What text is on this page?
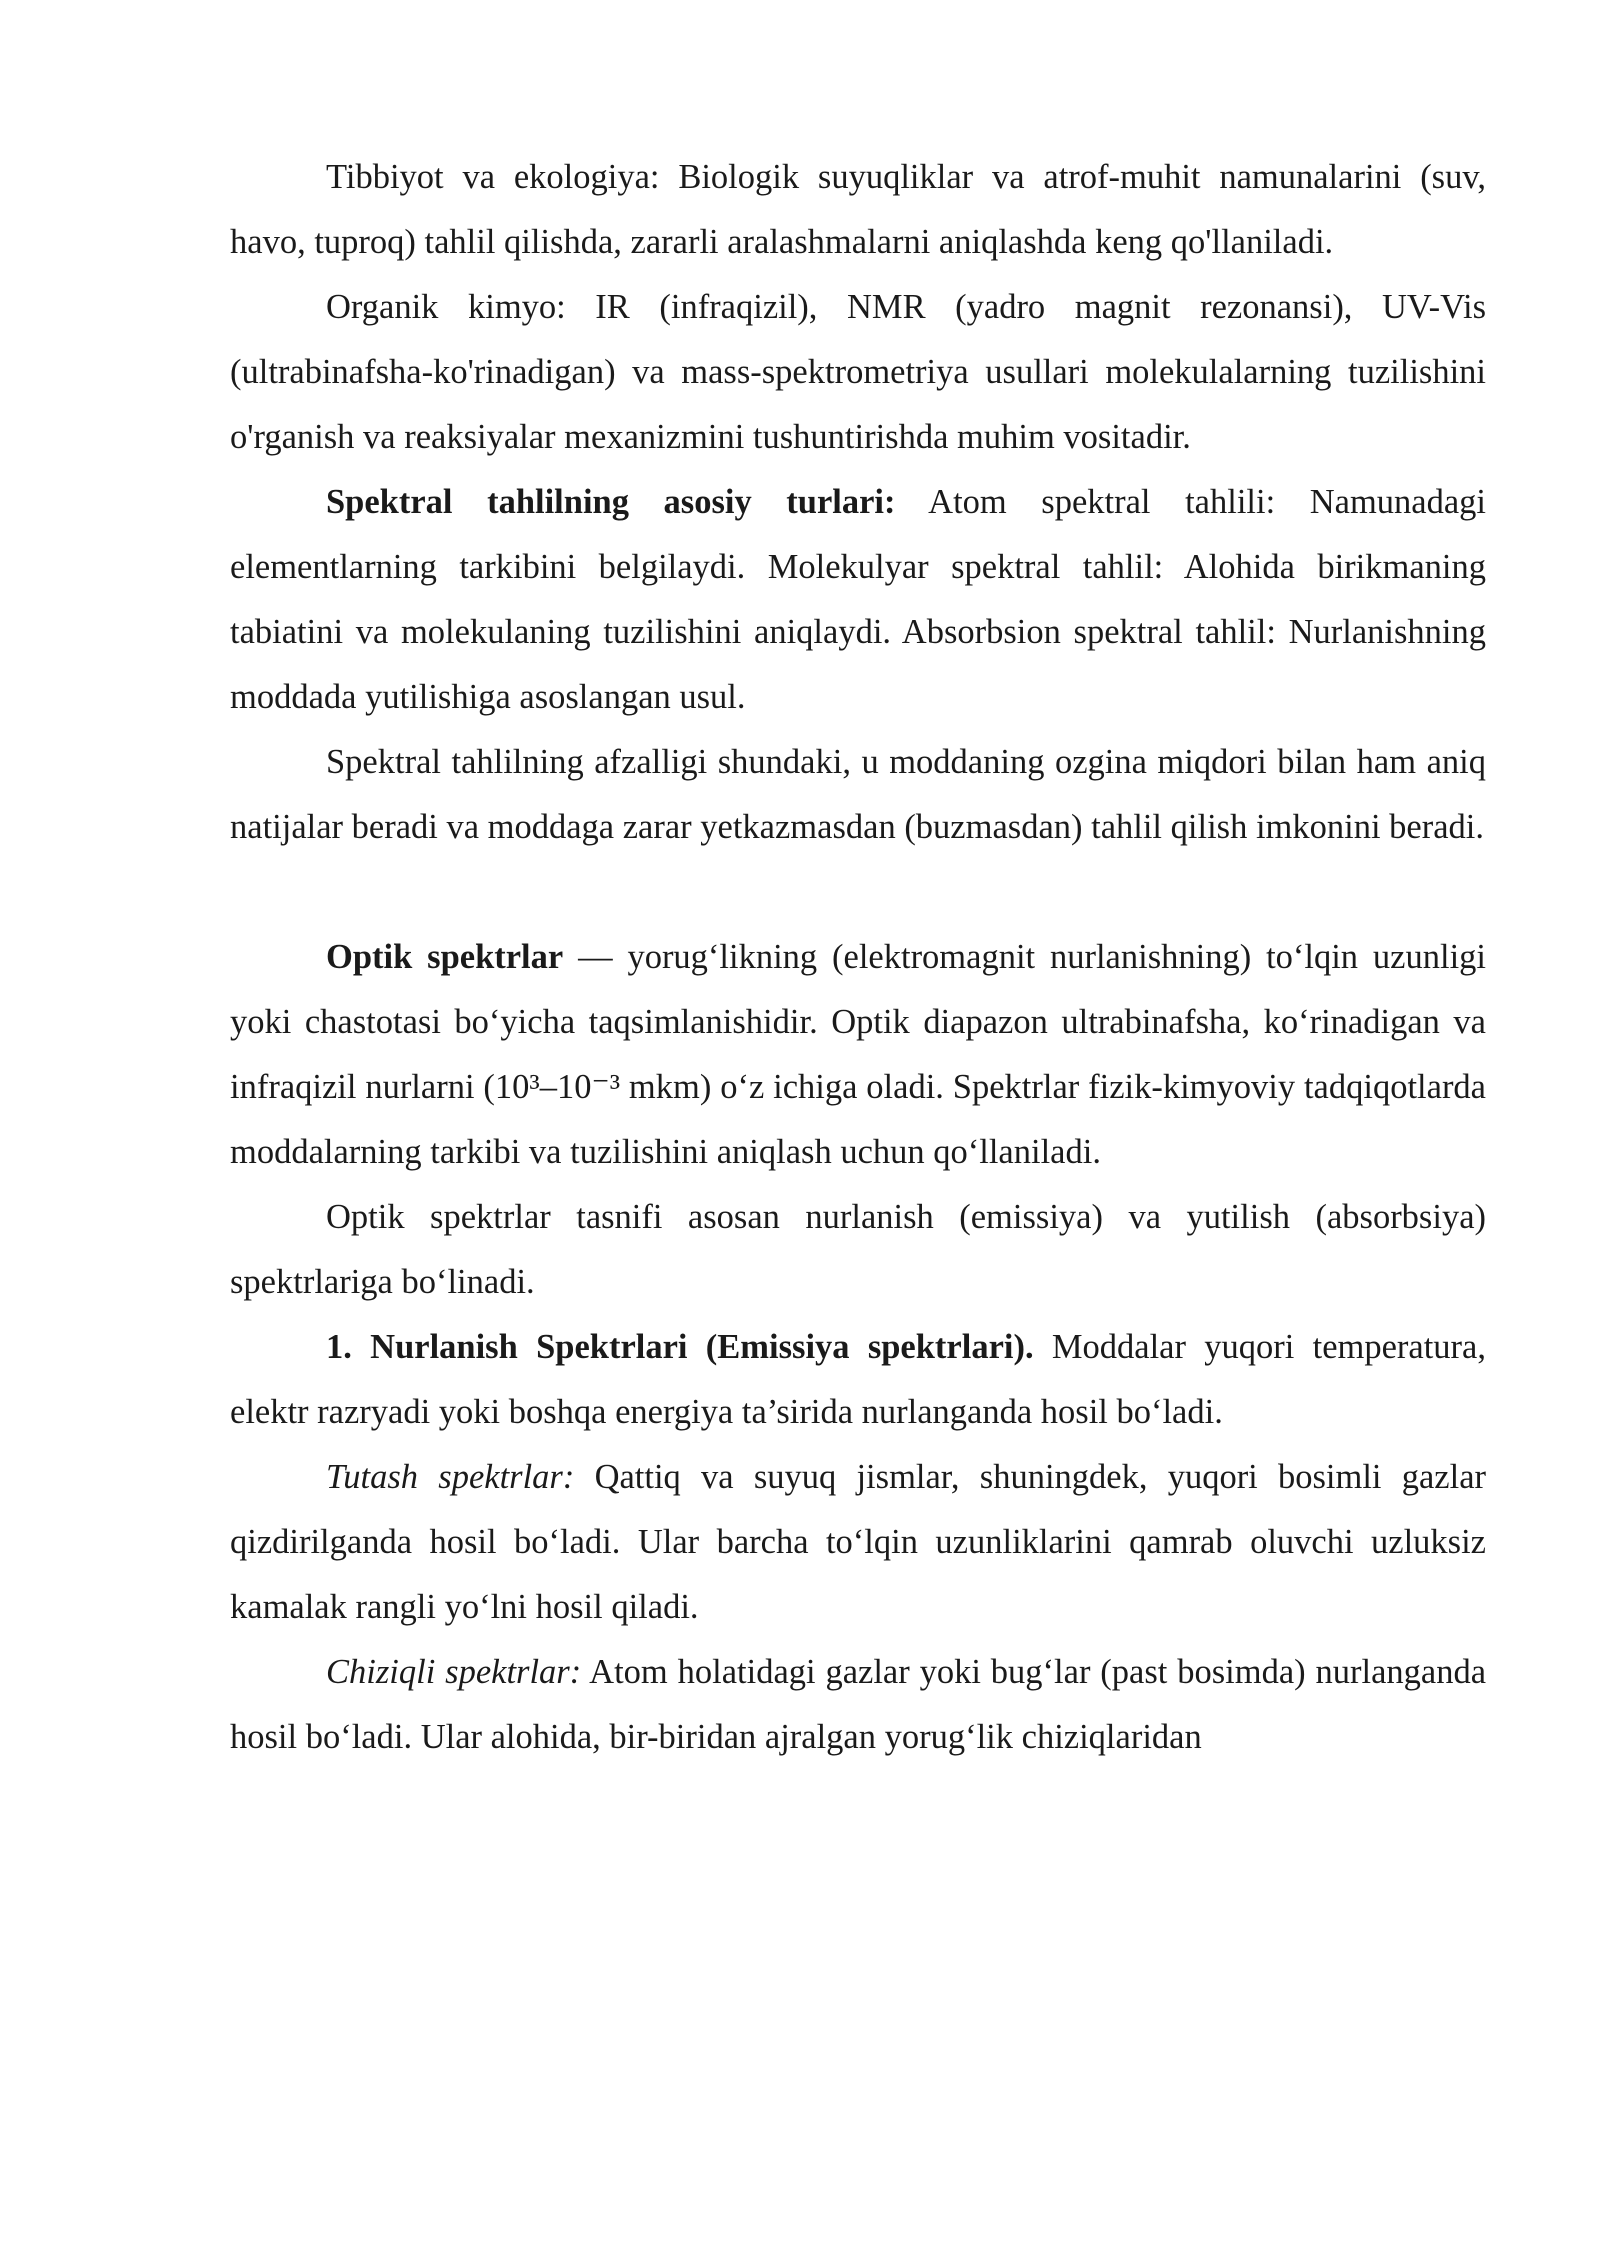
Tibbiyot va ekologiya: Biologik suyuqliklar va atrof-muhit namunalarini (suv, havo, tuproq) tahlil qilishda, zararli aralashmalarni aniqlashda keng qo'llaniladi.

Organik kimyo: IR (infraqizil), NMR (yadro magnit rezonansi), UV-Vis (ultrabinafsha-ko'rinadigan) va mass-spektrometriya usullari molekulalarning tuzilishini o'rganish va reaksiyalar mexanizmini tushuntirishda muhim vositadir.

Spektral tahlilning asosiy turlari: Atom spektral tahlili: Namunadagi elementlarning tarkibini belgilaydi. Molekulyar spektral tahlil: Alohida birikmaning tabiatini va molekulaning tuzilishini aniqlaydi. Absorbsion spektral tahlil: Nurlanishning moddada yutilishiga asoslangan usul.

Spektral tahlilning afzalligi shundaki, u moddaning ozgina miqdori bilan ham aniq natijalar beradi va moddaga zarar yetkazmasdan (buzmasdan) tahlil qilish imkonini beradi.

Optik spektrlar — yorug‘likning (elektromagnit nurlanishning) to‘lqin uzunligi yoki chastotasi bo‘yicha taqsimlanishidir. Optik diapazon ultrabinafsha, ko‘rinadigan va infraqizil nurlarni (10³–10⁻³ mkm) o‘z ichiga oladi. Spektrlar fizik-kimyoviy tadqiqotlarda moddalarning tarkibi va tuzilishini aniqlash uchun qo‘llaniladi.

Optik spektrlar tasnifi asosan nurlanish (emissiya) va yutilish (absorbsiya) spektrlariga bo‘linadi.

1. Nurlanish Spektrlari (Emissiya spektrlari). Moddalar yuqori temperatura, elektr razryadi yoki boshqa energiya ta’sirida nurlanganda hosil bo‘ladi.

Tutash spektrlar: Qattiq va suyuq jismlar, shuningdek, yuqori bosimli gazlar qizdirilganda hosil bo‘ladi. Ular barcha to‘lqin uzunliklarini qamrab oluvchi uzluksiz kamalak rangli yo‘lni hosil qiladi.

Chiziqli spektrlar: Atom holatidagi gazlar yoki bug‘lar (past bosimda) nurlanganda hosil bo‘ladi. Ular alohida, bir-biridan ajralgan yorug‘lik chiziqlaridan
